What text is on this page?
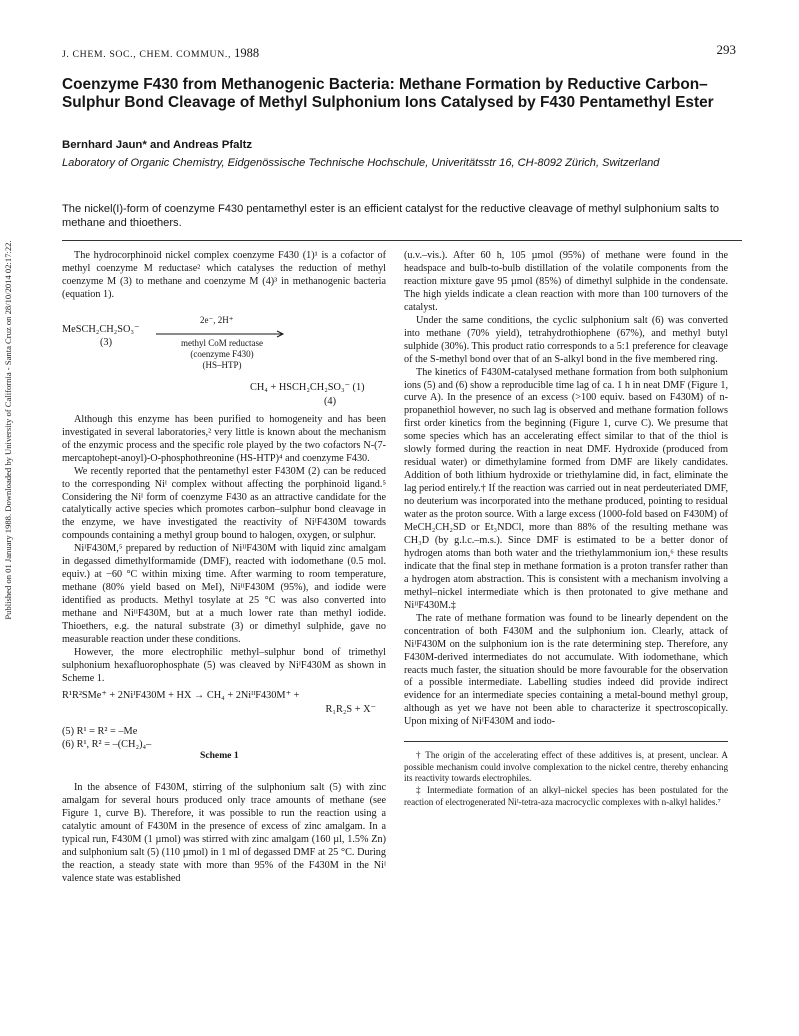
Published on 01 January 1988. Downloaded by University of California - Santa Cruz on 28/10/2014 02:17:22.
J. CHEM. SOC., CHEM. COMMUN., 1988	293
Coenzyme F430 from Methanogenic Bacteria: Methane Formation by Reductive Carbon–Sulphur Bond Cleavage of Methyl Sulphonium Ions Catalysed by F430 Pentamethyl Ester
Bernhard Jaun* and Andreas Pfaltz
Laboratory of Organic Chemistry, Eidgenössische Technische Hochschule, Univeritätsstr 16, CH-8092 Zürich, Switzerland
The nickel(I)-form of coenzyme F430 pentamethyl ester is an efficient catalyst for the reductive cleavage of methyl sulphonium salts to methane and thioethers.

The hydrocorphinoid nickel complex coenzyme F430 (1)¹ is a cofactor of methyl coenzyme M reductase² which catalyses the reduction of methyl coenzyme M (3) to methane and coenzyme M (4)³ in methanogenic bacteria (equation 1).

MeSCH₂CH₂SO₃⁻
2e⁻, 2H⁺
(3)	methyl CoM reductase
(coenzyme F430)
(HS–HTP)
CH₄ + HSCH₂CH₂SO₃⁻ (1)
(4)

Although this enzyme has been purified to homogeneity and has been investigated in several laboratories,² very little is known about the mechanism of the enzymic process and the specific role played by the two cofactors N-(7-mercaptohept-anoyl)-O-phosphothreonine (HS-HTP)⁴ and coenzyme F430.

We recently reported that the pentamethyl ester F430M (2) can be reduced to the corresponding Niᴵ complex without affecting the porphinoid ligand.⁵ Considering the Niᴵ form of coenzyme F430 as an attractive candidate for the catalytically active species which promotes carbon–sulphur bond cleavage in the enzyme, we have investigated the reactivity of NiᴵF430M towards compounds containing a methyl group bound to halogen, oxygen, or sulphur.

NiᴵF430M,⁵ prepared by reduction of NiᴵᴵF430M with liquid zinc amalgam in degassed dimethylformamide (DMF), reacted with iodomethane (0.5 mol. equiv.) at −60 °C within mixing time. After warming to room temperature, methane (80% yield based on MeI), NiᴵᴵF430M (95%), and iodide were identified as products. Methyl tosylate at 25 °C was also converted into methane and NiᴵᴵF430M, but at a much lower rate than methyl iodide. Thioethers, e.g. the natural substrate (3) or dimethyl sulphide, gave no measurable reaction under these conditions.

However, the more electrophilic methyl–sulphur bond of trimethyl sulphonium hexafluorophosphate (5) was cleaved by NiᴵF430M as shown in Scheme 1.

R¹R²SMe⁺ + 2NiᴵF430M + HX → CH₄ + 2NiᴵᴵF430M⁺ +
R₁R₂S + X⁻
(5) R¹ = R² = –Me
(6) R¹, R² = –(CH₂)₄–
Scheme 1

In the absence of F430M, stirring of the sulphonium salt (5) with zinc amalgam for several hours produced only trace amounts of methane (see Figure 1, curve B). Therefore, it was possible to run the reaction using a catalytic amount of F430M in the presence of excess of zinc amalgam. In a typical run, F430M (1 µmol) was stirred with zinc amalgam (160 µl, 1.5% Zn) and sulphonium salt (5) (110 µmol) in 1 ml of degassed DMF at 25 °C. During the reaction, a steady state with more than 95% of the F430M in the Niᴵ valence state was established

(u.v.–vis.). After 60 h, 105 µmol (95%) of methane were found in the headspace and bulb-to-bulb distillation of the volatile components from the reaction mixture gave 95 µmol (85%) of dimethyl sulphide in the condensate. The high yields indicate a clean reaction with more than 100 turnovers of the catalyst.

Under the same conditions, the cyclic sulphonium salt (6) was converted into methane (70% yield), tetrahydrothiophene (67%), and methyl butyl sulphide (30%). This product ratio corresponds to a 5:1 preference for cleavage of the S-methyl bond over that of an S-alkyl bond in the five membered ring.

The kinetics of F430M-catalysed methane formation from both sulphonium ions (5) and (6) show a reproducible time lag of ca. 1 h in neat DMF (Figure 1, curve A). In the presence of an excess (>100 equiv. based on F430M) of n-propanethiol however, no such lag is observed and methane formation follows first order kinetics from the beginning (Figure 1, curve C). We presume that some species which has an accelerating effect similar to that of the thiol is slowly formed during the reaction in neat DMF. Hydroxide (produced from residual water) or dimethylamine formed from DMF are likely candidates. Addition of both lithium hydroxide or triethylamine did, in fact, eliminate the lag period entirely.† If the reaction was carried out in neat perdeuteriated DMF, no deuterium was incorporated into the methane produced, pointing to residual water as the proton source. With a large excess (1000-fold based on F430M) of MeCH₂CH₂SD or Et₃NDCl, more than 88% of the resulting methane was CH₃D (by g.l.c.–m.s.). Since DMF is estimated to be a better donor of hydrogen atoms than both water and the triethylammonium ion,⁶ these results indicate that the final step in methane formation is a proton transfer rather than a hydrogen atom abstraction. This is consistent with a mechanism involving a methyl–nickel intermediate which is then protonated to give methane and NiᴵᴵF430M.‡

The rate of methane formation was found to be linearly dependent on the concentration of both F430M and the sulphonium ion. Clearly, attack of NiᴵF430M on the sulphonium ion is the rate determining step. Therefore, any F430M-derived intermediates do not accumulate. With iodomethane, which reacts much faster, the situation should be more favourable for the observation of a possible intermediate. Labelling studies indeed did provide indirect evidence for an intermediate species containing a metal-bound methyl group, although as yet we have not been able to characterize it spectroscopically. Upon mixing of NiᴵF430M and iodo-

† The origin of the accelerating effect of these additives is, at present, unclear. A possible mechanism could involve complexation to the nickel centre, thereby enhancing its reactivity towards electrophiles.

‡ Intermediate formation of an alkyl–nickel species has been postulated for the reaction of electrogenerated Niᴵ-tetra-aza macrocyclic complexes with n-alkyl halides.⁷
